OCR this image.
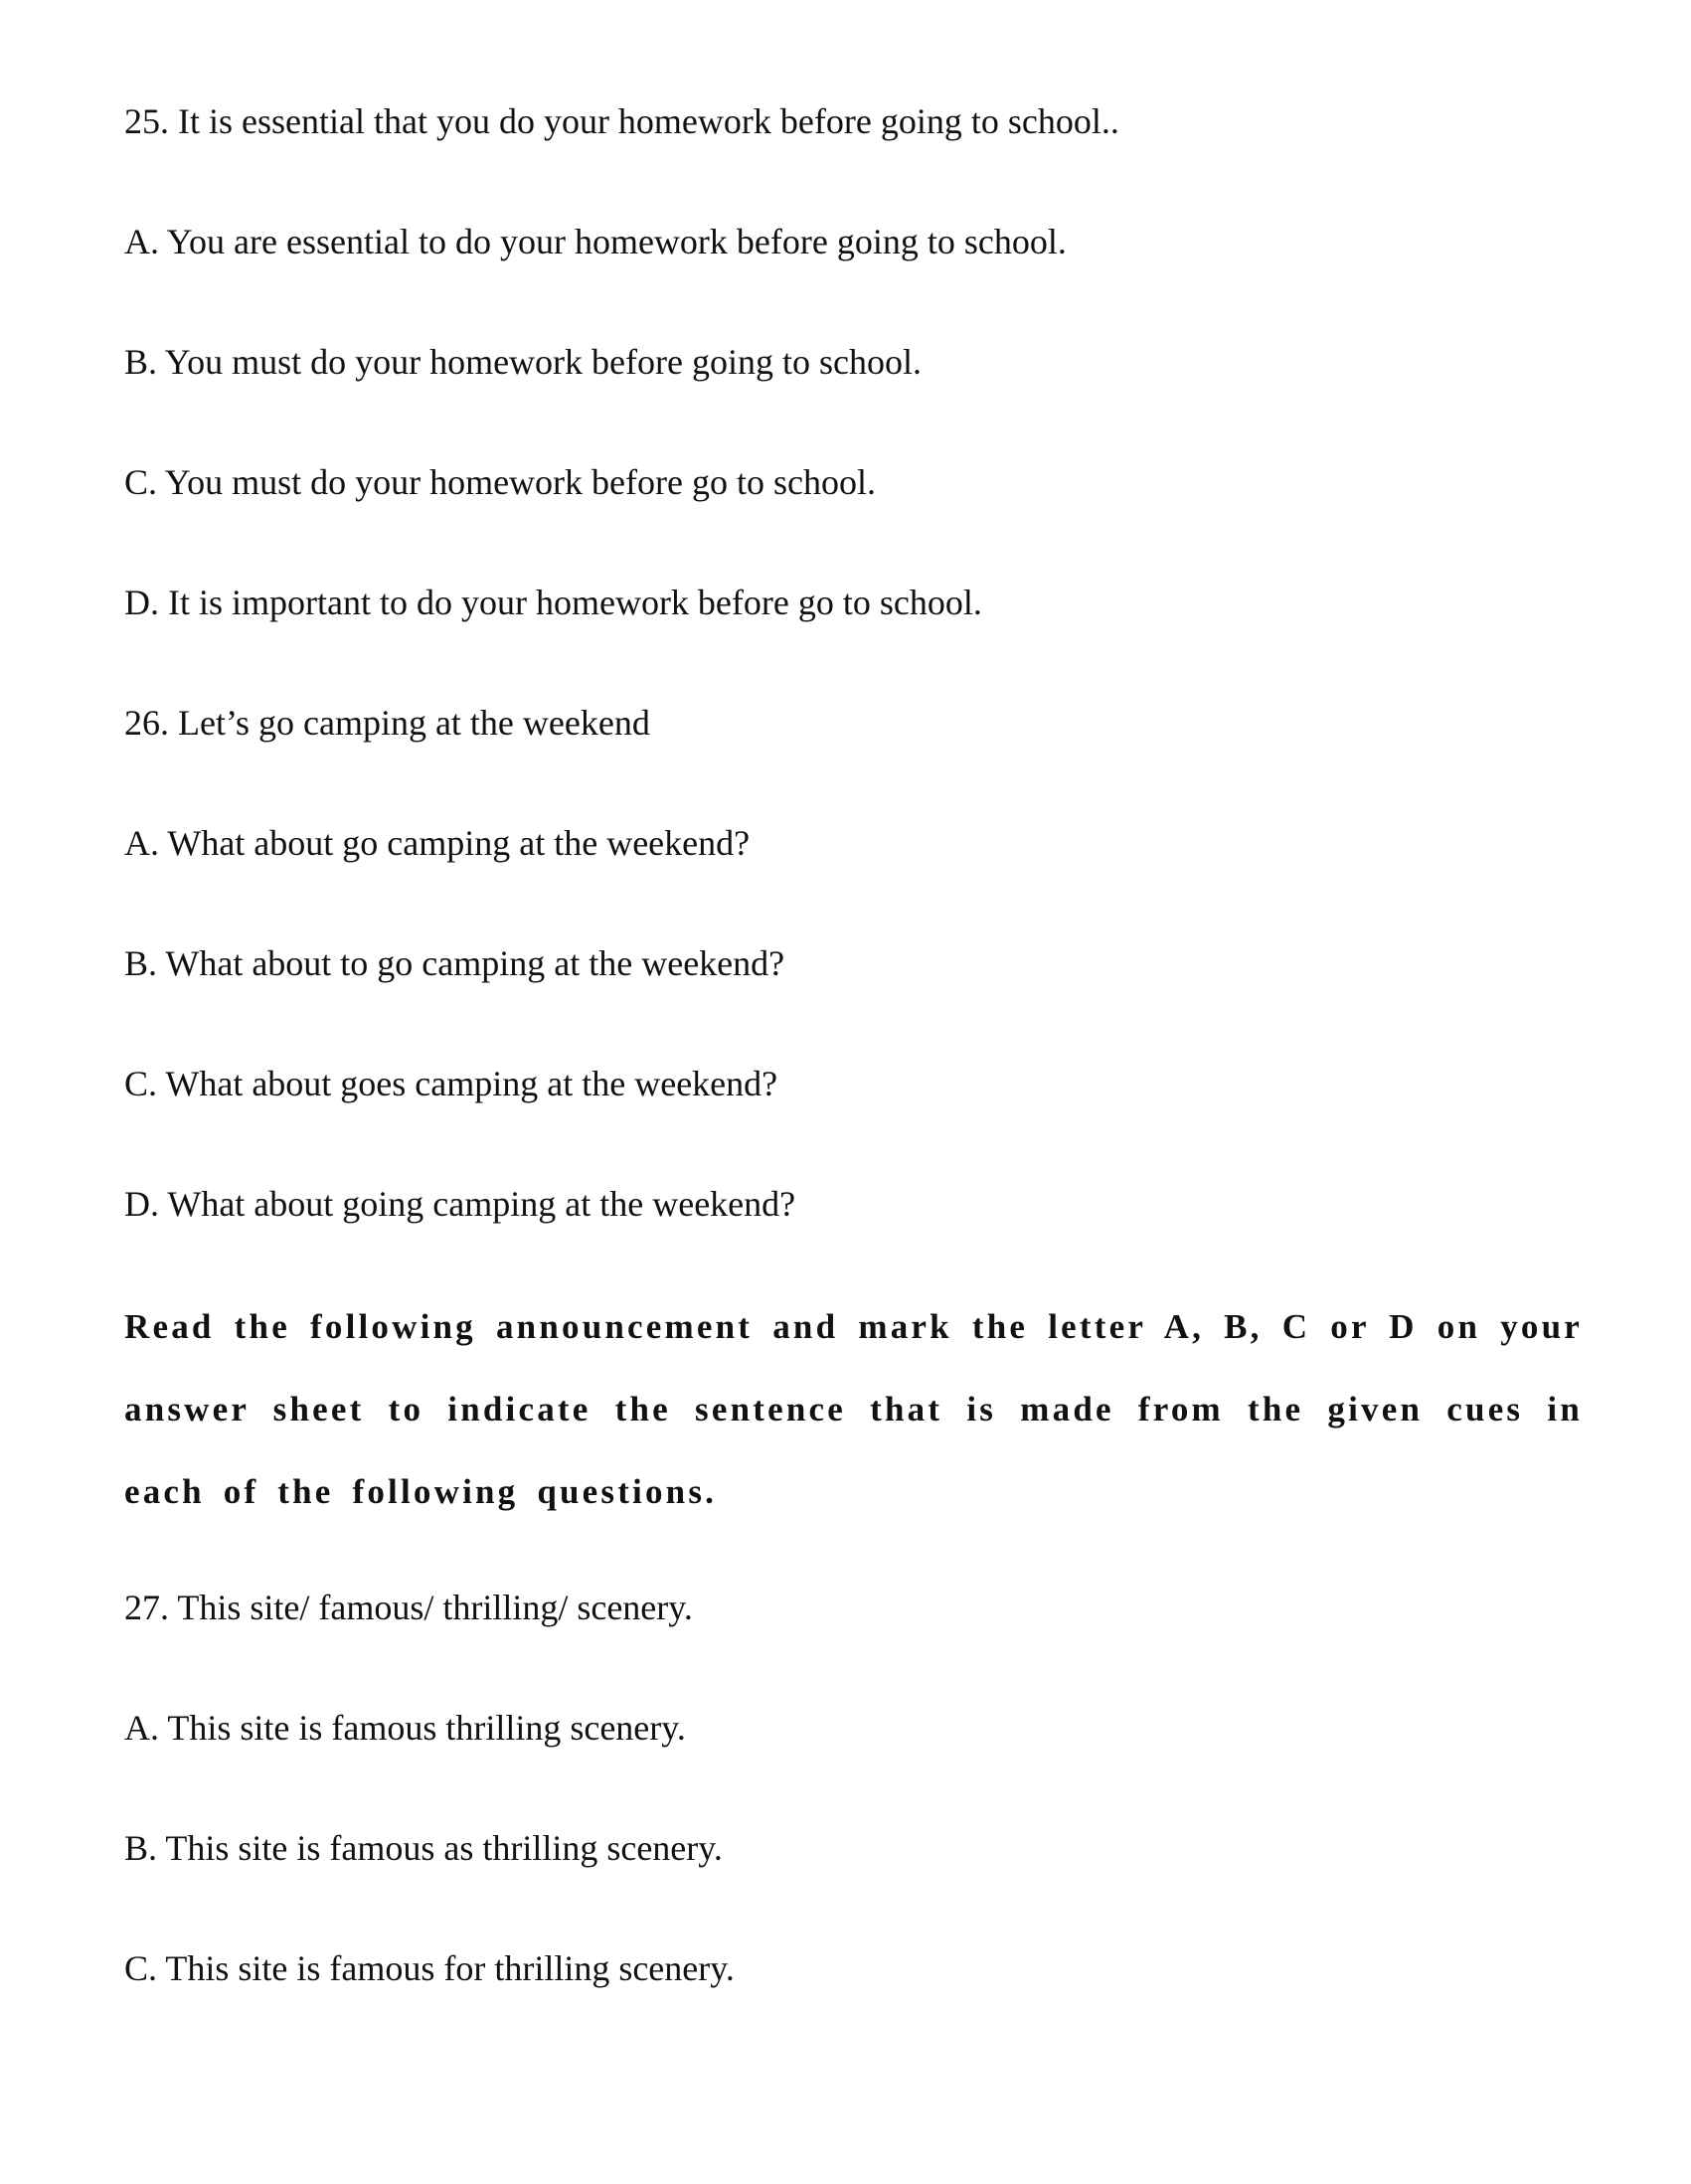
25. It is essential that you do your homework before going to school..
A. You are essential to do your homework before going to school.
B. You must do your homework before going to school.
C. You must do your homework before go to school.
D. It is important to do your homework before go to school.
26. Let’s go camping at the weekend
A. What about go camping at the weekend?
B. What about to go camping at the weekend?
C. What about goes camping at the weekend?
D. What about going camping at the weekend?
Read the following announcement and mark the letter A, B, C or D on your answer sheet to indicate the sentence that is made from the given cues in each of the following questions.
27. This site/ famous/ thrilling/ scenery.
A. This site is famous thrilling scenery.
B. This site is famous as thrilling scenery.
C. This site is famous for thrilling scenery.
